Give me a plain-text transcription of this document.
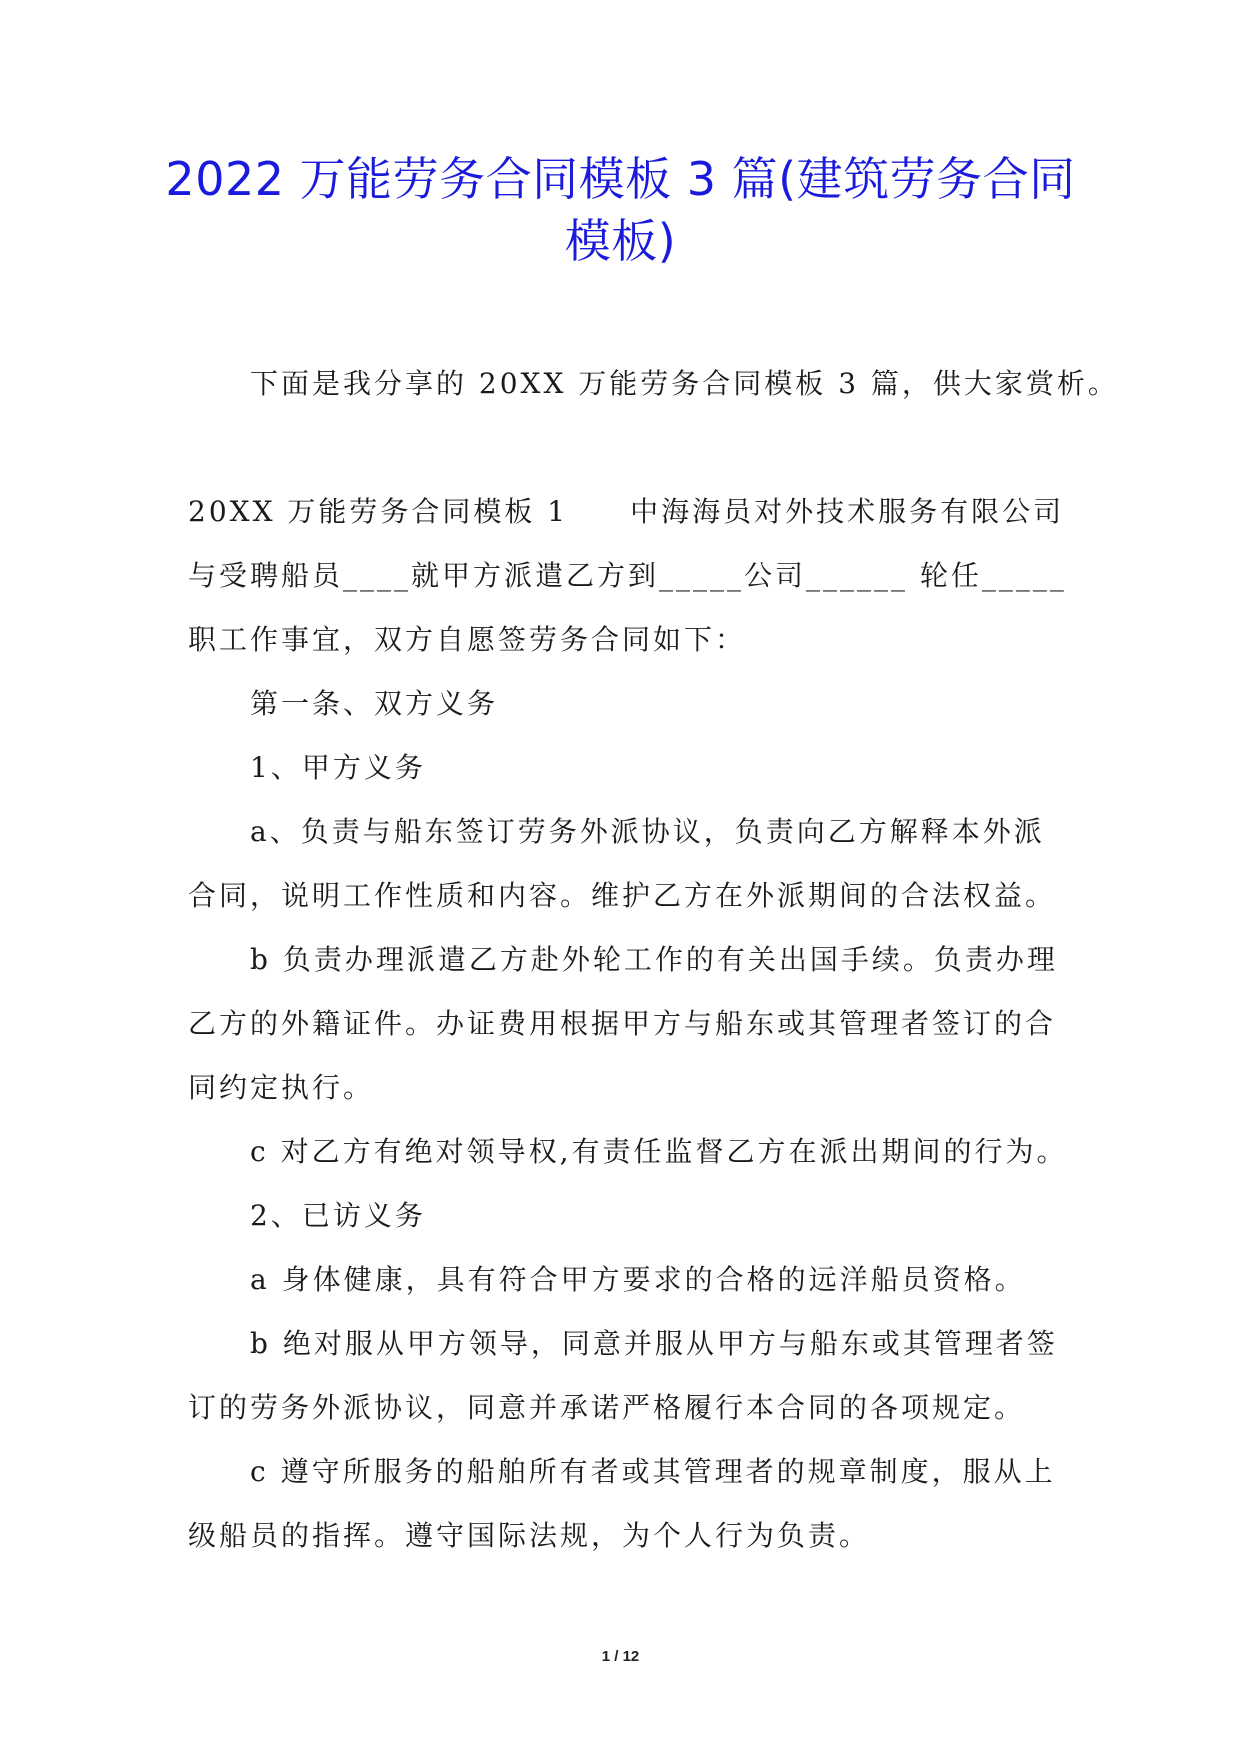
2022 万能劳务合同模板 3 篇(建筑劳务合同
模板)

下面是我分享的 20XX 万能劳务合同模板 3 篇，供大家赏析。

20XX 万能劳务合同模板 1　　中海海员对外技术服务有限公司

与受聘船员____就甲方派遣乙方到_____公司______ 轮任_____

职工作事宜，双方自愿签劳务合同如下：

第一条、双方义务

1、甲方义务

a、负责与船东签订劳务外派协议，负责向乙方解释本外派

合同，说明工作性质和内容。维护乙方在外派期间的合法权益。

b 负责办理派遣乙方赴外轮工作的有关出国手续。负责办理

乙方的外籍证件。办证费用根据甲方与船东或其管理者签订的合

同约定执行。

c 对乙方有绝对领导权,有责任监督乙方在派出期间的行为。

2、已访义务

a 身体健康，具有符合甲方要求的合格的远洋船员资格。

b 绝对服从甲方领导，同意并服从甲方与船东或其管理者签

订的劳务外派协议，同意并承诺严格履行本合同的各项规定。

c 遵守所服务的船舶所有者或其管理者的规章制度，服从上

级船员的指挥。遵守国际法规，为个人行为负责。

1 / 12
